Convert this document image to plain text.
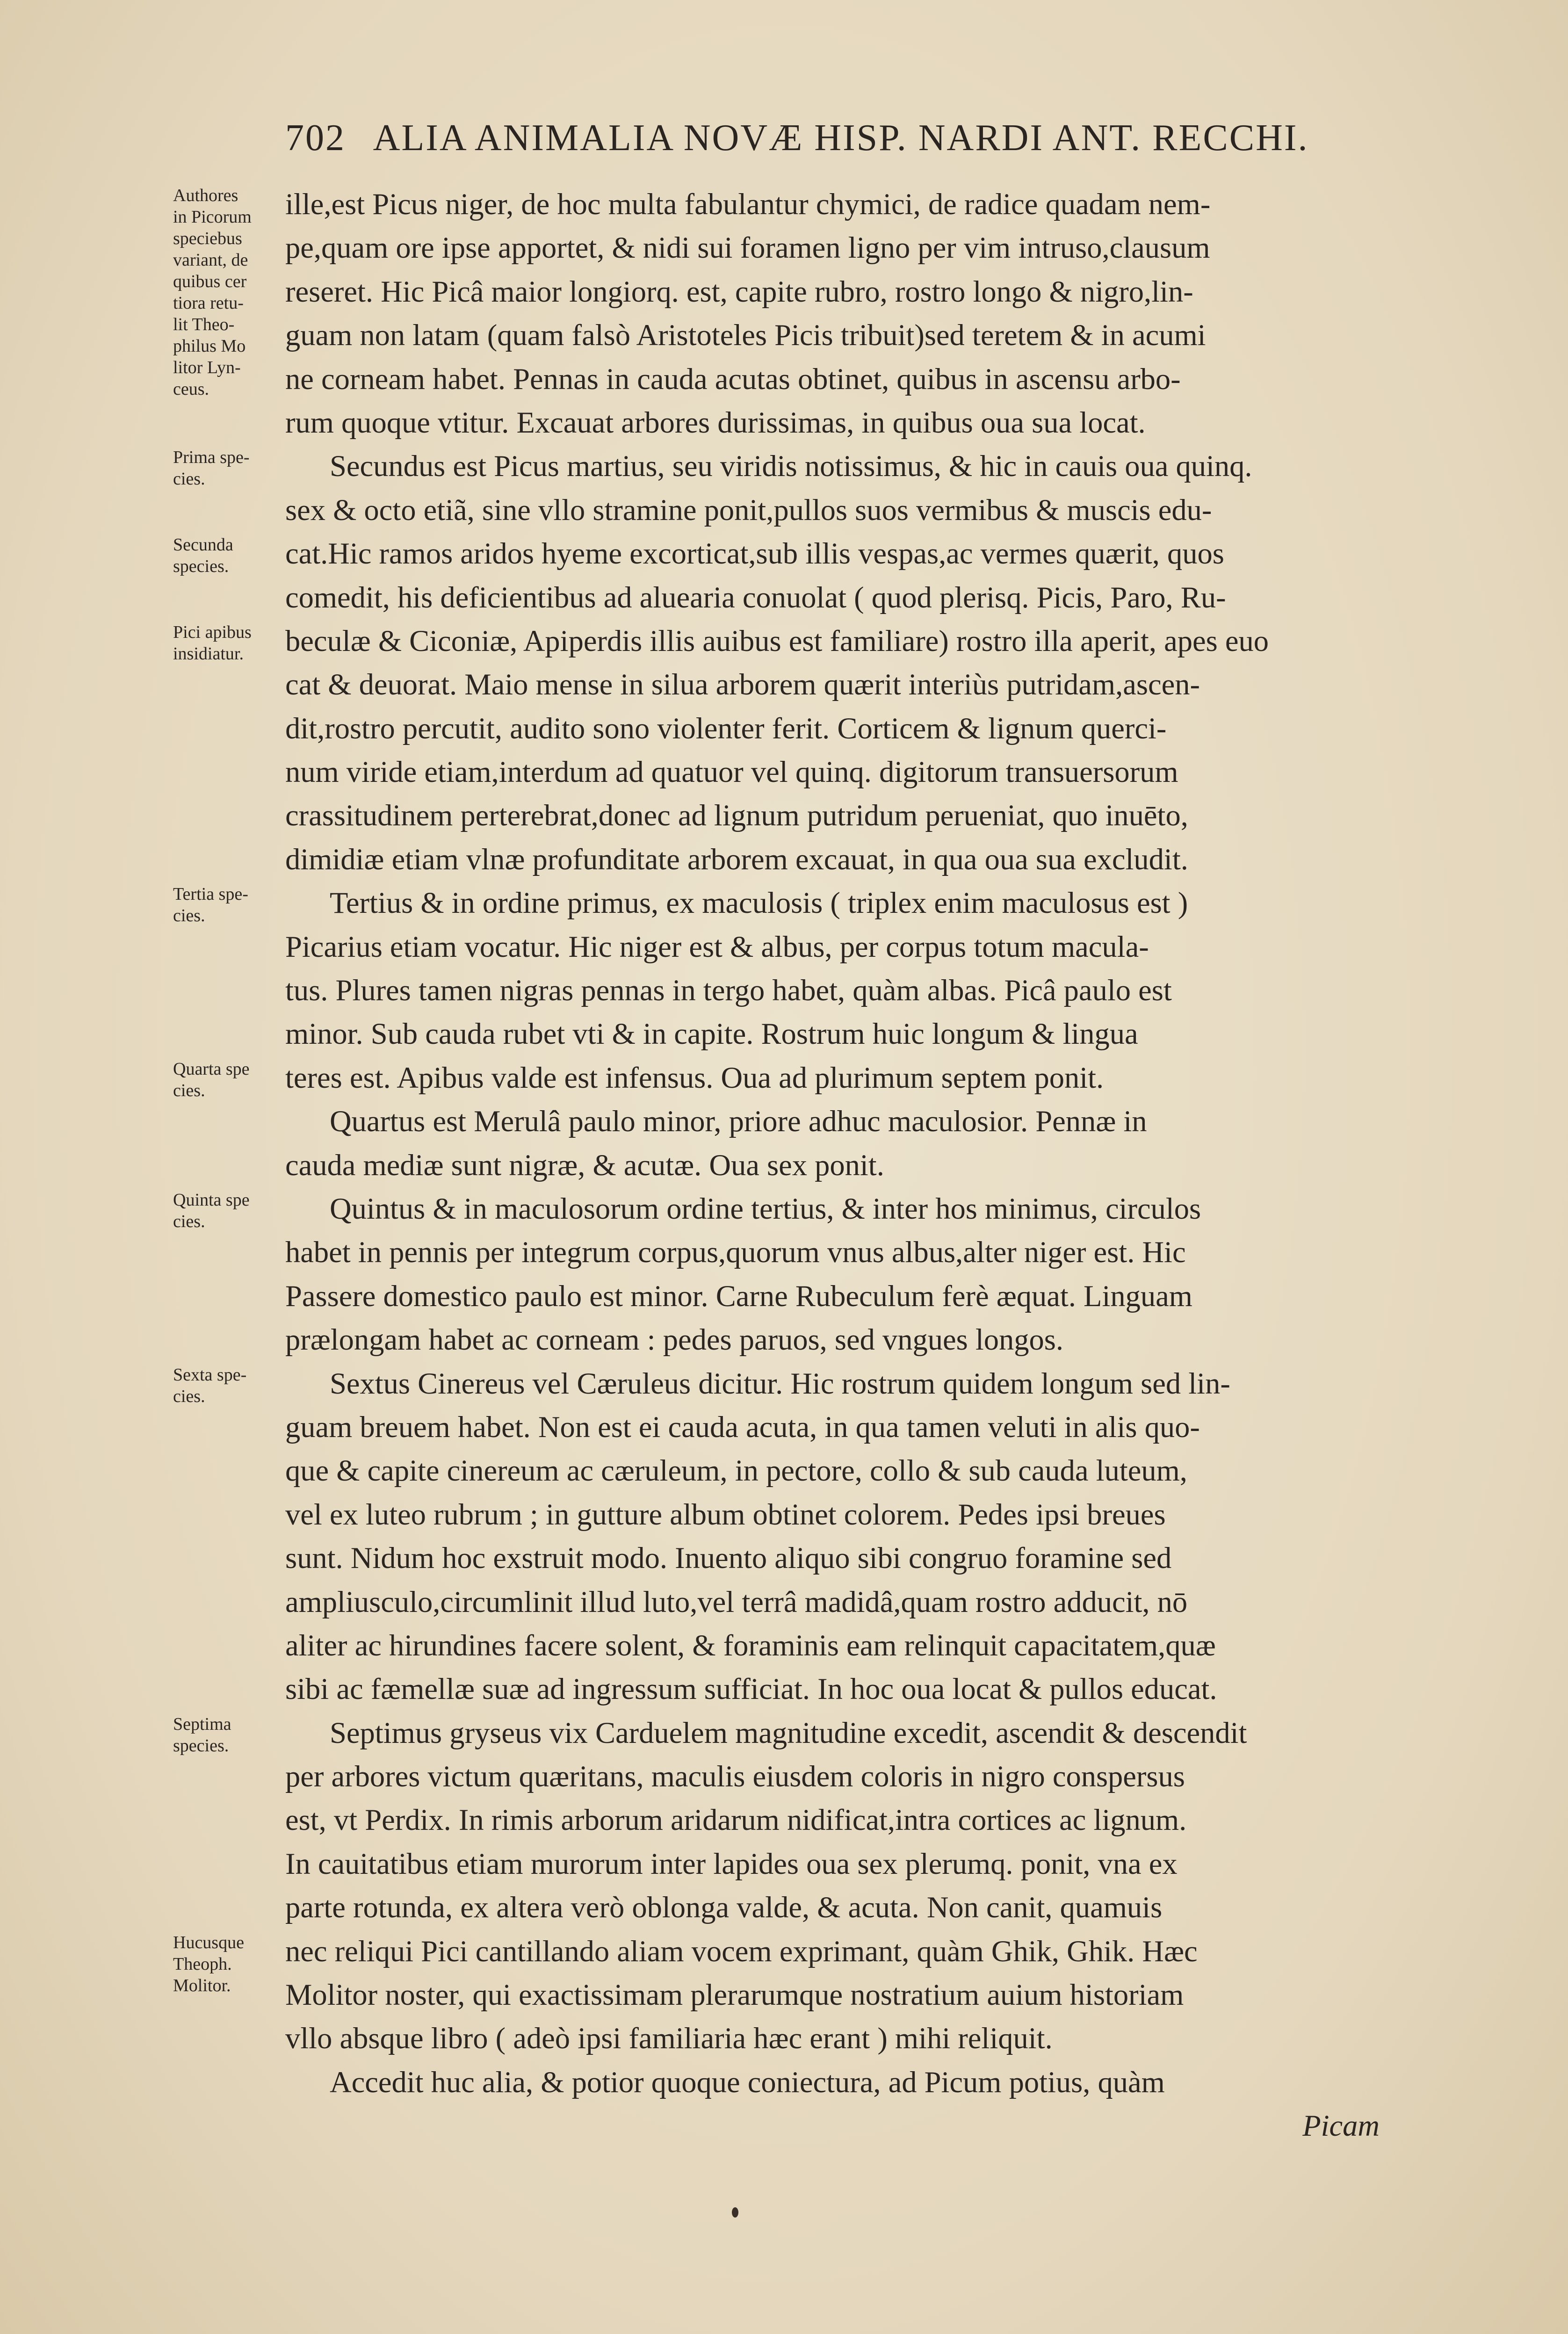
702 ALIA ANIMALIA NOVÆ HISP. NARDI ANT. RECCHI.
Authores
in Picorum
speciebus
variant, de
quibus cer
tiora retu-
lit Theo-
philus Mo
litor Lyn-
ceus.
Prima spe-
cies.
Secunda
species.
Pici apibus
insidiatur.
Tertia spe-
cies.
Quarta spe
cies.
Quinta spe
cies.
Sexta spe-
cies.
Septima
species.
Hucusque
Theoph.
Molitor.
ille,est Picus niger, de hoc multa fabulantur chymici, de radice quadam nem-
pe,quam ore ipse apportet, & nidi sui foramen ligno per vim intruso,clausum
reseret. Hic Picâ maior longiorq. est, capite rubro, rostro longo & nigro,lin-
guam non latam (quam falsò Aristoteles Picis tribuit)sed teretem & in acumi
ne corneam habet. Pennas in cauda acutas obtinet, quibus in ascensu arbo-
rum quoque vtitur. Excauat arbores durissimas, in quibus oua sua locat.
Secundus est Picus martius, seu viridis notissimus, & hic in cauis oua quinq.
sex & octo etiã, sine vllo stramine ponit,pullos suos vermibus & muscis edu-
cat.Hic ramos aridos hyeme excorticat,sub illis vespas,ac vermes quærit, quos
comedit, his deficientibus ad aluearia conuolat ( quod plerisq. Picis, Paro, Ru-
beculæ & Ciconiæ, Apiperdis illis auibus est familiare) rostro illa aperit, apes euo
cat & deuorat. Maio mense in silua arborem quærit interiùs putridam,ascen-
dit,rostro percutit, audito sono violenter ferit. Corticem & lignum querci-
num viride etiam,interdum ad quatuor vel quinq. digitorum transuersorum
crassitudinem perterebrat,donec ad lignum putridum perueniat, quo inuēto,
dimidiæ etiam vlnæ profunditate arborem excauat, in qua oua sua excludit.
Tertius & in ordine primus, ex maculosis ( triplex enim maculosus est )
Picarius etiam vocatur. Hic niger est & albus, per corpus totum macula-
tus. Plures tamen nigras pennas in tergo habet, quàm albas. Picâ paulo est
minor. Sub cauda rubet vti & in capite. Rostrum huic longum & lingua
teres est. Apibus valde est infensus. Oua ad plurimum septem ponit.
Quartus est Merulâ paulo minor, priore adhuc maculosior. Pennæ in
cauda mediæ sunt nigræ, & acutæ. Oua sex ponit.
Quintus & in maculosorum ordine tertius, & inter hos minimus, circulos
habet in pennis per integrum corpus,quorum vnus albus,alter niger est. Hic
Passere domestico paulo est minor. Carne Rubeculum ferè æquat. Linguam
prælongam habet ac corneam : pedes paruos, sed vngues longos.
Sextus Cinereus vel Cæruleus dicitur. Hic rostrum quidem longum sed lin-
guam breuem habet. Non est ei cauda acuta, in qua tamen veluti in alis quo-
que & capite cinereum ac cæruleum, in pectore, collo & sub cauda luteum,
vel ex luteo rubrum ; in gutture album obtinet colorem. Pedes ipsi breues
sunt. Nidum hoc exstruit modo. Inuento aliquo sibi congruo foramine sed
ampliusculo,circumlinit illud luto,vel terrâ madidâ,quam rostro adducit, nō
aliter ac hirundines facere solent, & foraminis eam relinquit capacitatem,quæ
sibi ac fæmellæ suæ ad ingressum sufficiat. In hoc oua locat & pullos educat.
Septimus gryseus vix Carduelem magnitudine excedit, ascendit & descendit
per arbores victum quæritans, maculis eiusdem coloris in nigro conspersus
est, vt Perdix. In rimis arborum aridarum nidificat,intra cortices ac lignum.
In cauitatibus etiam murorum inter lapides oua sex plerumq. ponit, vna ex
parte rotunda, ex altera verò oblonga valde, & acuta. Non canit, quamuis
nec reliqui Pici cantillando aliam vocem exprimant, quàm Ghik, Ghik. Hæc
Molitor noster, qui exactissimam plerarumque nostratium auium historiam
vllo absque libro ( adeò ipsi familiaria hæc erant ) mihi reliquit.
Accedit huc alia, & potior quoque coniectura, ad Picum potius, quàm
Picam
